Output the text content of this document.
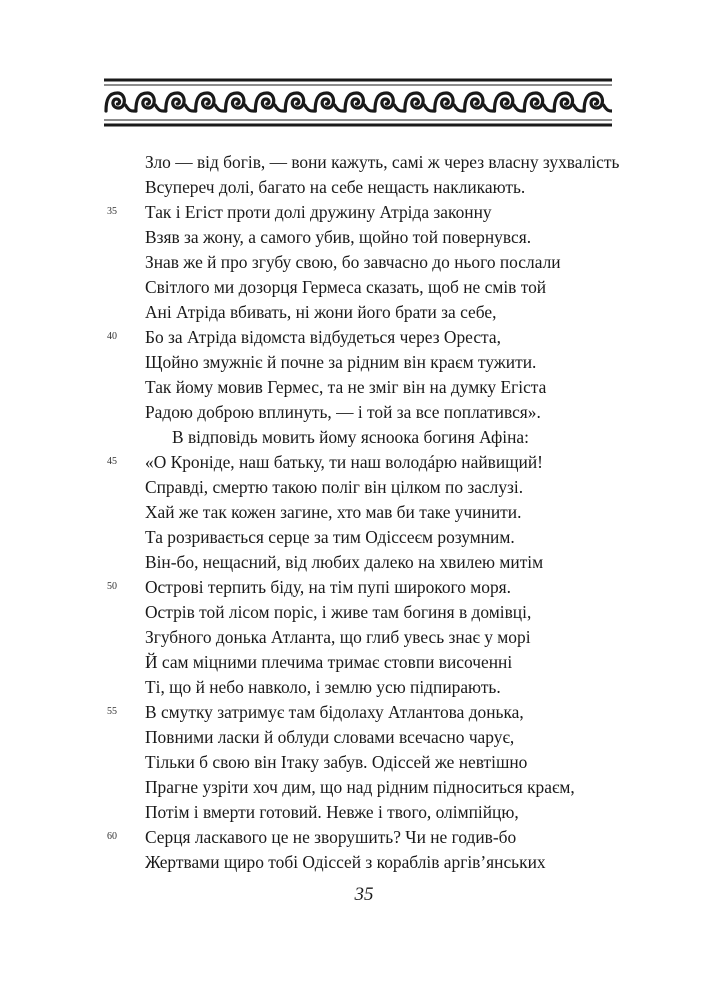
Зло — від богів, — вони кажуть, самі ж через власну зухвалість
Всупереч долі, багато на себе нещасть накликають.
35 Так і Егіст проти долі дружину Атріда законну
Взяв за жону, а самого убив, щойно той повернувся.
Знав же й про згубу свою, бо завчасно до нього послали
Світлого ми дозорця Гермеса сказать, щоб не смів той
Ані Атріда вбивать, ні жони його брати за себе,
40 Бо за Атріда відомста відбудеться через Ореста,
Щойно змужніє й почне за рідним він краєм тужити.
Так йому мовив Гермес, та не зміг він на думку Егіста
Радою доброю вплинуть, — і той за все поплатився».
В відповідь мовить йому ясноока богиня Афіна:
45 «О Кроніде, наш батьку, ти наш володáрю найвищий!
Справді, смертю такою поліг він цілком по заслузі.
Хай же так кожен загине, хто мав би таке учинити.
Та розривається серце за тим Одіссеєм розумним.
Він-бо, нещасний, від любих далеко на хвилею митім
50 Острові терпить біду, на тім пупі широкого моря.
Острів той лісом поріс, і живе там богиня в домівці,
Згубного донька Атланта, що глиб увесь знає у морі
Й сам міцними плечима тримає стовпи височенні
Ті, що й небо навколо, і землю усю підпирають.
55 В смутку затримує там бідолаху Атлантова донька,
Повними ласки й облуди словами всечасно чарує,
Тільки б свою він Ітаку забув. Одіссей же невтішно
Прагне узріти хоч дим, що над рідним підноситься краєм,
Потім і вмерти готовий. Невже і твого, олімпійцю,
60 Серця ласкавого це не зворушить? Чи не годив-бо
Жертвами щиро тобі Одіссей з кораблів аргів’янських
35
